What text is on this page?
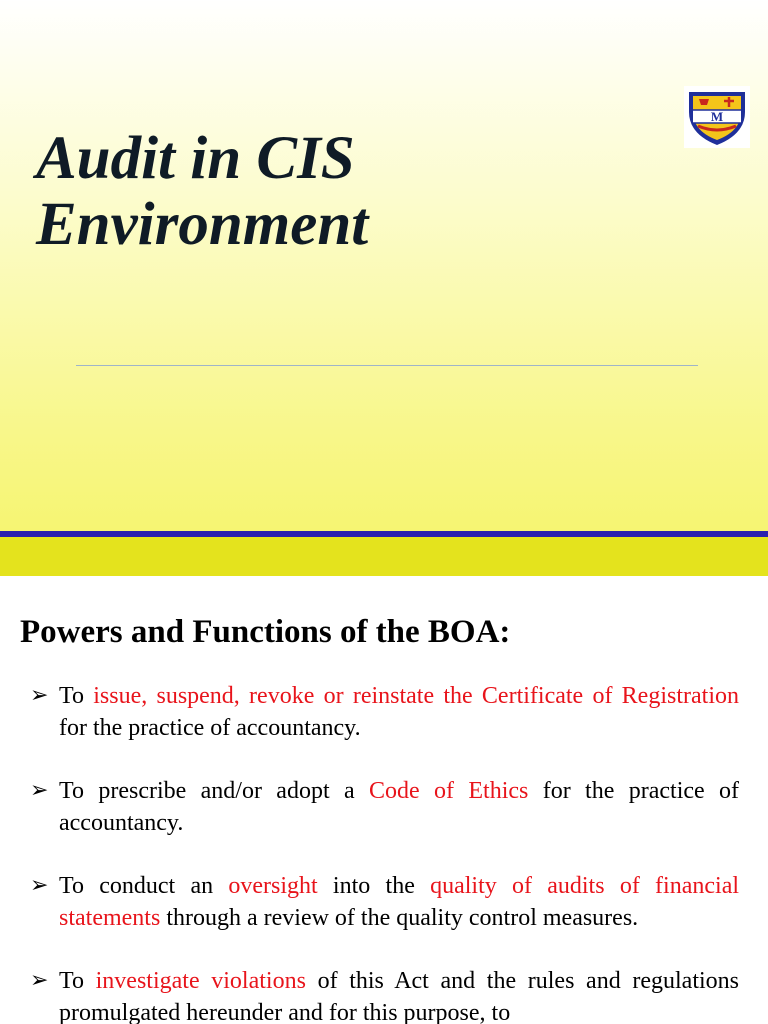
Audit in CIS
Environment
M
Powers and Functions of the BOA:
➢ To issue, suspend, revoke or reinstate the Certificate of Registration for the practice of accountancy.
➢ To prescribe and/or adopt a Code of Ethics for the practice of accountancy.
➢ To conduct an oversight into the quality of audits of financial statements through a review of the quality control measures.
➢ To investigate violations of this Act and the rules and regulations promulgated hereunder and for this purpose, to
